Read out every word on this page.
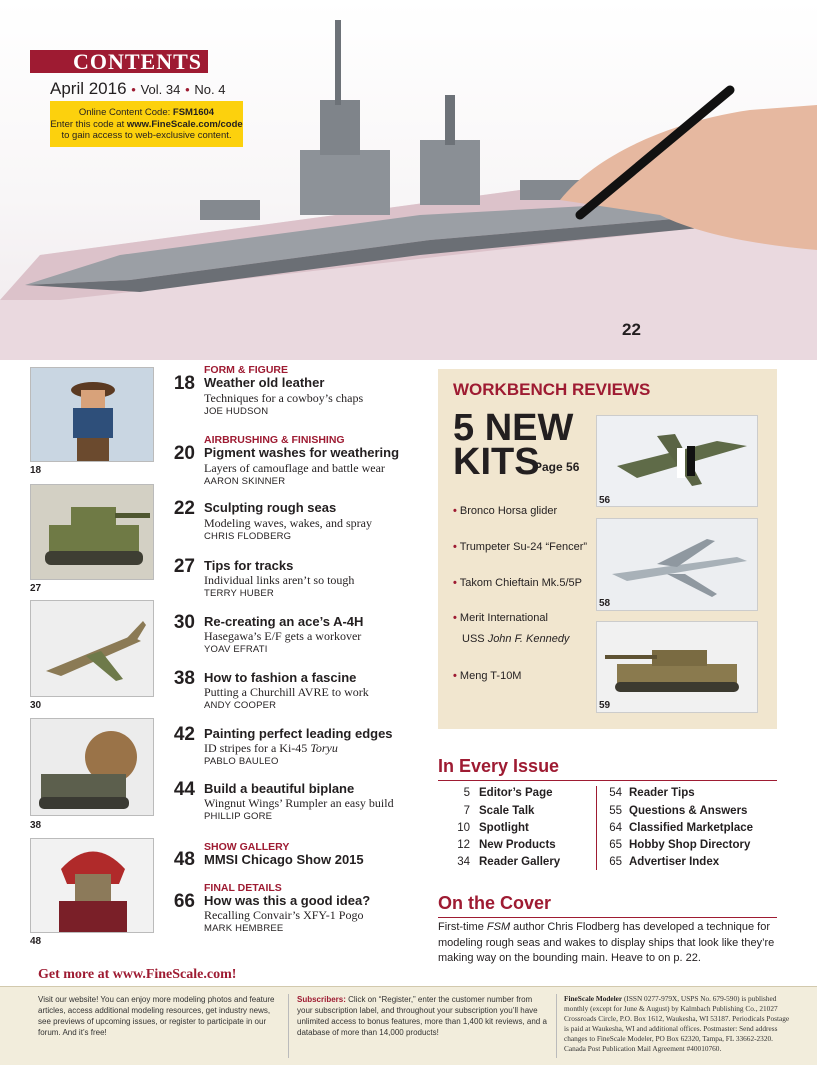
CONTENTS
April 2016 • Vol. 34 • No. 4
Online Content Code: FSM1604
Enter this code at www.FineScale.com/code
to gain access to web-exclusive content.
22
18
27
30
38
48
FORM & FIGURE
18 Weather old leather
Techniques for a cowboy’s chaps
JOE HUDSON
AIRBRUSHING & FINISHING
20 Pigment washes for weathering
Layers of camouflage and battle wear
AARON SKINNER
22 Sculpting rough seas
Modeling waves, wakes, and spray
CHRIS FLODBERG
27 Tips for tracks
Individual links aren’t so tough
TERRY HUBER
30 Re-creating an ace’s A-4H
Hasegawa’s E/F gets a workover
YOAV EFRATI
38 How to fashion a fascine
Putting a Churchill AVRE to work
ANDY COOPER
42 Painting perfect leading edges
ID stripes for a Ki-45 Toryu
PABLO BAULEO
44 Build a beautiful biplane
Wingnut Wings’ Rumpler an easy build
PHILLIP GORE
SHOW GALLERY
48 MMSI Chicago Show 2015
FINAL DETAILS
66 How was this a good idea?
Recalling Convair’s XFY-1 Pogo
MARK HEMBREE
WORKBENCH REVIEWS
5 NEW
KITS
Page 56
• Bronco Horsa glider
• Trumpeter Su-24 “Fencer”
• Takom Chieftain Mk.5/5P
• Merit International
USS John F. Kennedy
• Meng T-10M
56
58
59
In Every Issue
5 Editor’s Page
7 Scale Talk
10 Spotlight
12 New Products
34 Reader Gallery
54 Reader Tips
55 Questions & Answers
64 Classified Marketplace
65 Hobby Shop Directory
65 Advertiser Index
On the Cover
First-time FSM author Chris Flodberg has developed a technique for modeling rough seas and wakes to display ships that look like they’re making way on the bounding main. Heave to on p. 22.
Get more at www.FineScale.com!
Visit our website! You can enjoy more modeling photos and feature articles, access additional modeling resources, get industry news, see previews of upcoming issues, or register to participate in our forum. And it’s free!
Subscribers: Click on “Register,” enter the customer number from your subscription label, and throughout your subscription you’ll have unlimited access to bonus features, more than 1,400 kit reviews, and a database of more than 14,000 products!
FineScale Modeler (ISSN 0277-979X, USPS No. 679-590) is published monthly (except for June & August) by Kalmbach Publishing Co., 21027 Crossroads Circle, P.O. Box 1612, Waukesha, WI 53187. Periodicals Postage is paid at Waukesha, WI and additional offices. Postmaster: Send address changes to FineScale Modeler, PO Box 62320, Tampa, FL 33662-2320. Canada Post Publication Mail Agreement #40010760.
